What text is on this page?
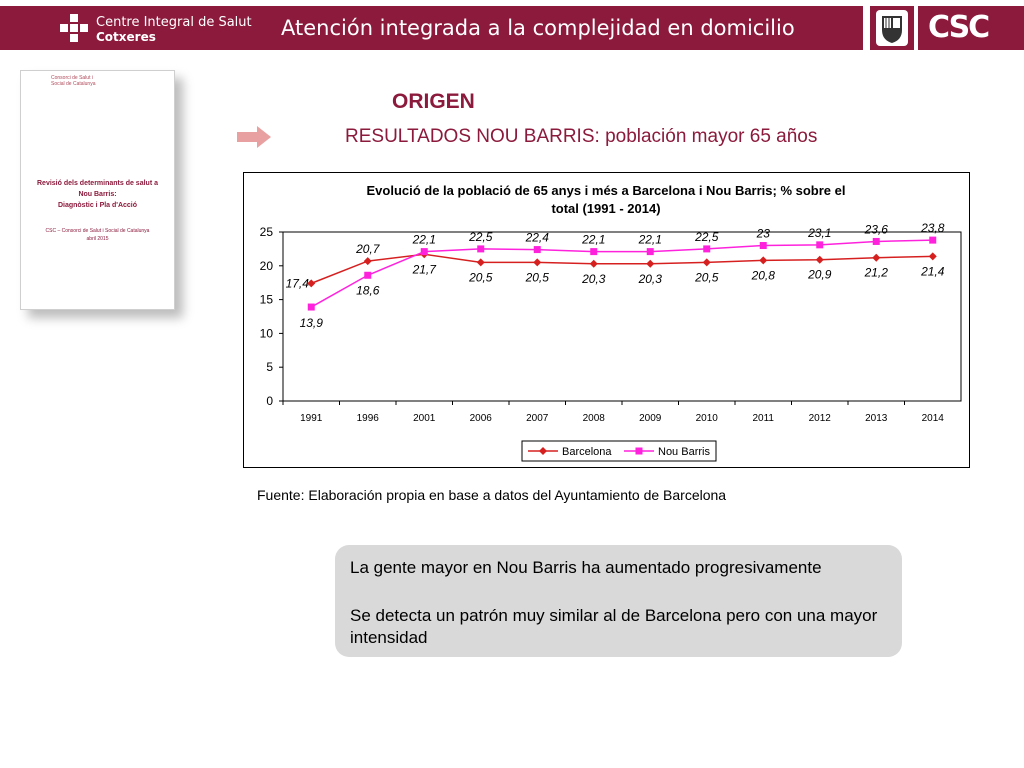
Centre Integral de Salut
Cotxeres	Atención integrada a la complejidad en domicilio	CSC
Consorci de Salut i
Social de Catalunya
Revisió dels determinants de salut a
Nou Barris:
Diagnòstic i Pla d'Acció
CSC – Consorci de Salut i Social de Catalunya
abril 2015
ORIGEN
RESULTADOS NOU BARRIS: población mayor 65 años
Evolució de la població de 65 anys i més a Barcelona i Nou Barris; % sobre el
total (1991 - 2014)
0
5
10
15
20
25
1991	1996	2001	2006	2007	2008	2009	2010	2011	2012	2013	2014
17,4
20,7
21,7
20,5	20,5	20,3	20,3	20,5	20,8	20,9	21,2	21,4
13,9
18,6
22,1	22,5	22,4	22,1	22,1	22,5	23	23,1	23,6	23,8
Barcelona	Nou Barris
Fuente: Elaboración propia en base a datos del Ayuntamiento de Barcelona
La gente mayor en Nou Barris ha aumentado progresivamente
Se detecta un patrón muy similar al de Barcelona pero con una mayor intensidad
